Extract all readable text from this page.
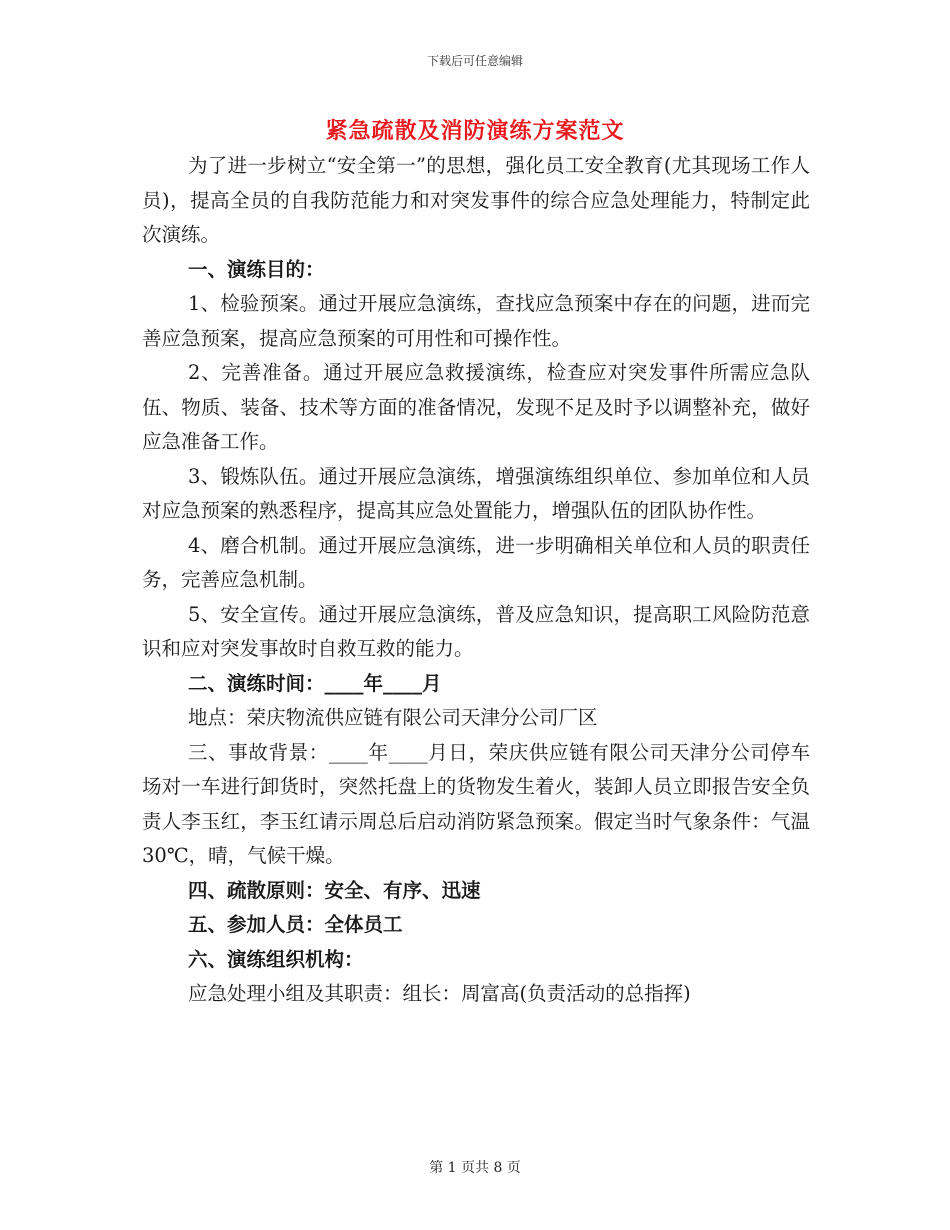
下载后可任意编辑
紧急疏散及消防演练方案范文

为了进一步树立“安全第一”的思想，强化员工安全教育(尤其现场工作人员)，提高全员的自我防范能力和对突发事件的综合应急处理能力，特制定此次演练。

一、演练目的：

1、检验预案。通过开展应急演练，查找应急预案中存在的问题，进而完善应急预案，提高应急预案的可用性和可操作性。

2、完善准备。通过开展应急救援演练，检查应对突发事件所需应急队伍、物质、装备、技术等方面的准备情况，发现不足及时予以调整补充，做好应急准备工作。

3、锻炼队伍。通过开展应急演练，增强演练组织单位、参加单位和人员对应急预案的熟悉程序，提高其应急处置能力，增强队伍的团队协作性。

4、磨合机制。通过开展应急演练，进一步明确相关单位和人员的职责任务，完善应急机制。

5、安全宣传。通过开展应急演练，普及应急知识，提高职工风险防范意识和应对突发事故时自救互救的能力。

二、演练时间：____年____月

地点：荣庆物流供应链有限公司天津分公司厂区

三、事故背景：____年____月日，荣庆供应链有限公司天津分公司停车场对一车进行卸货时，突然托盘上的货物发生着火，装卸人员立即报告安全负责人李玉红，李玉红请示周总后启动消防紧急预案。假定当时气象条件：气温30℃，晴，气候干燥。

四、疏散原则：安全、有序、迅速

五、参加人员：全体员工

六、演练组织机构：

应急处理小组及其职责：组长：周富高(负责活动的总指挥)

第 1 页共 8 页
